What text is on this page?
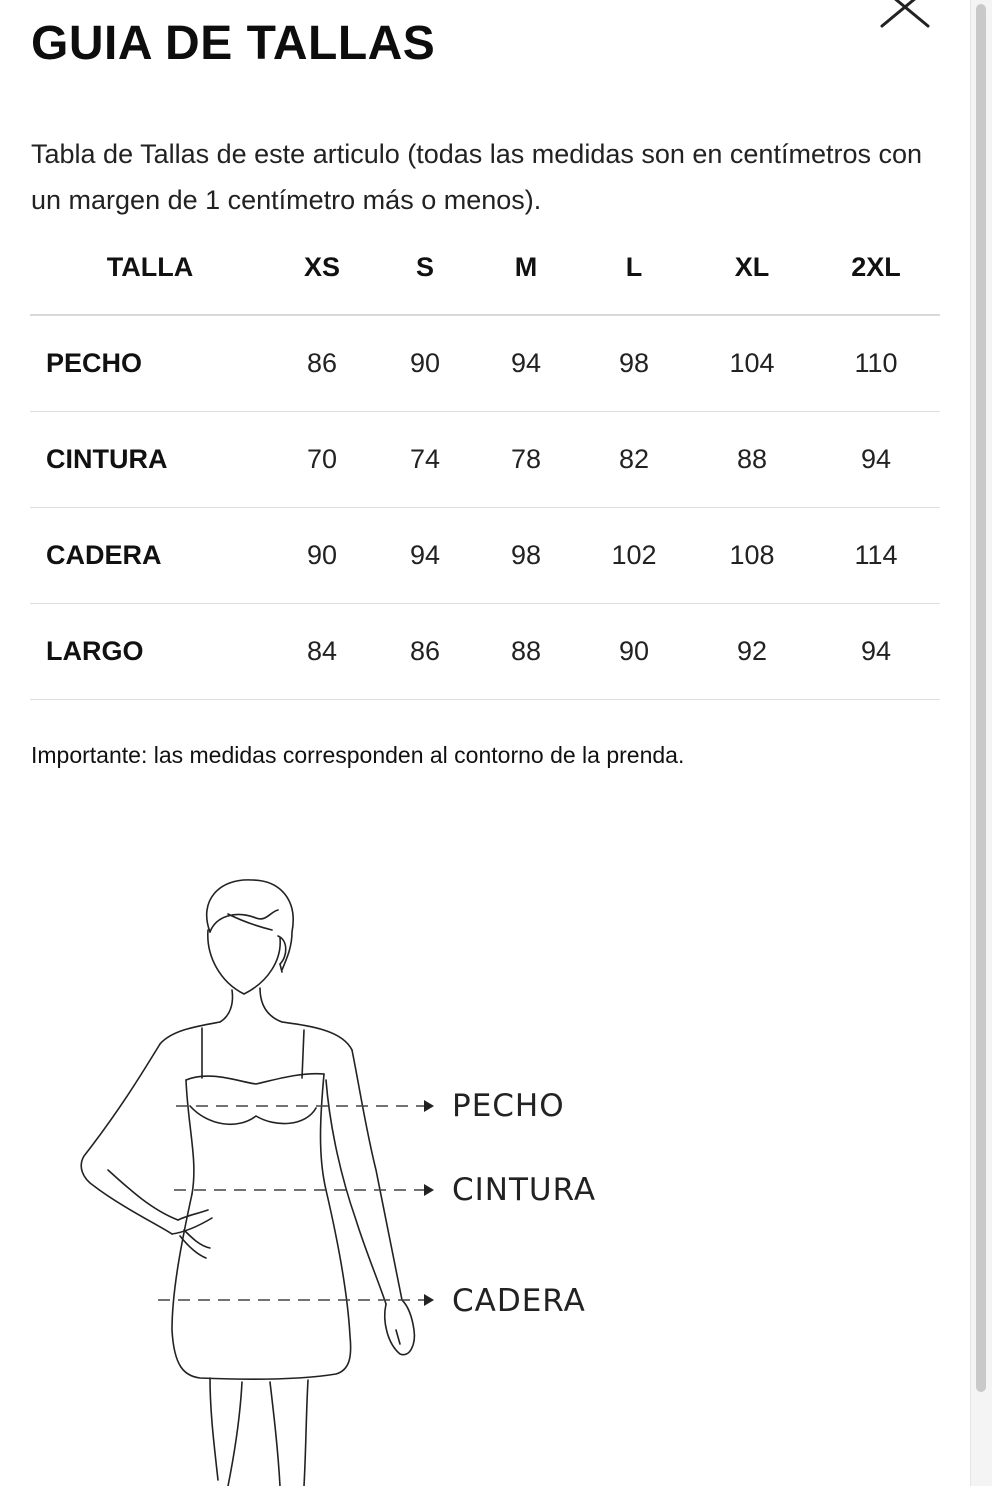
GUIA DE TALLAS

Tabla de Tallas de este articulo (todas las medidas son en centímetros con un margen de 1 centímetro más o menos).

TALLA	XS	S	M	L	XL	2XL
PECHO	86	90	94	98	104	110
CINTURA	70	74	78	82	88	94
CADERA	90	94	98	102	108	114
LARGO	84	86	88	90	92	94

Importante: las medidas corresponden al contorno de la prenda.

PECHO
CINTURA
CADERA
